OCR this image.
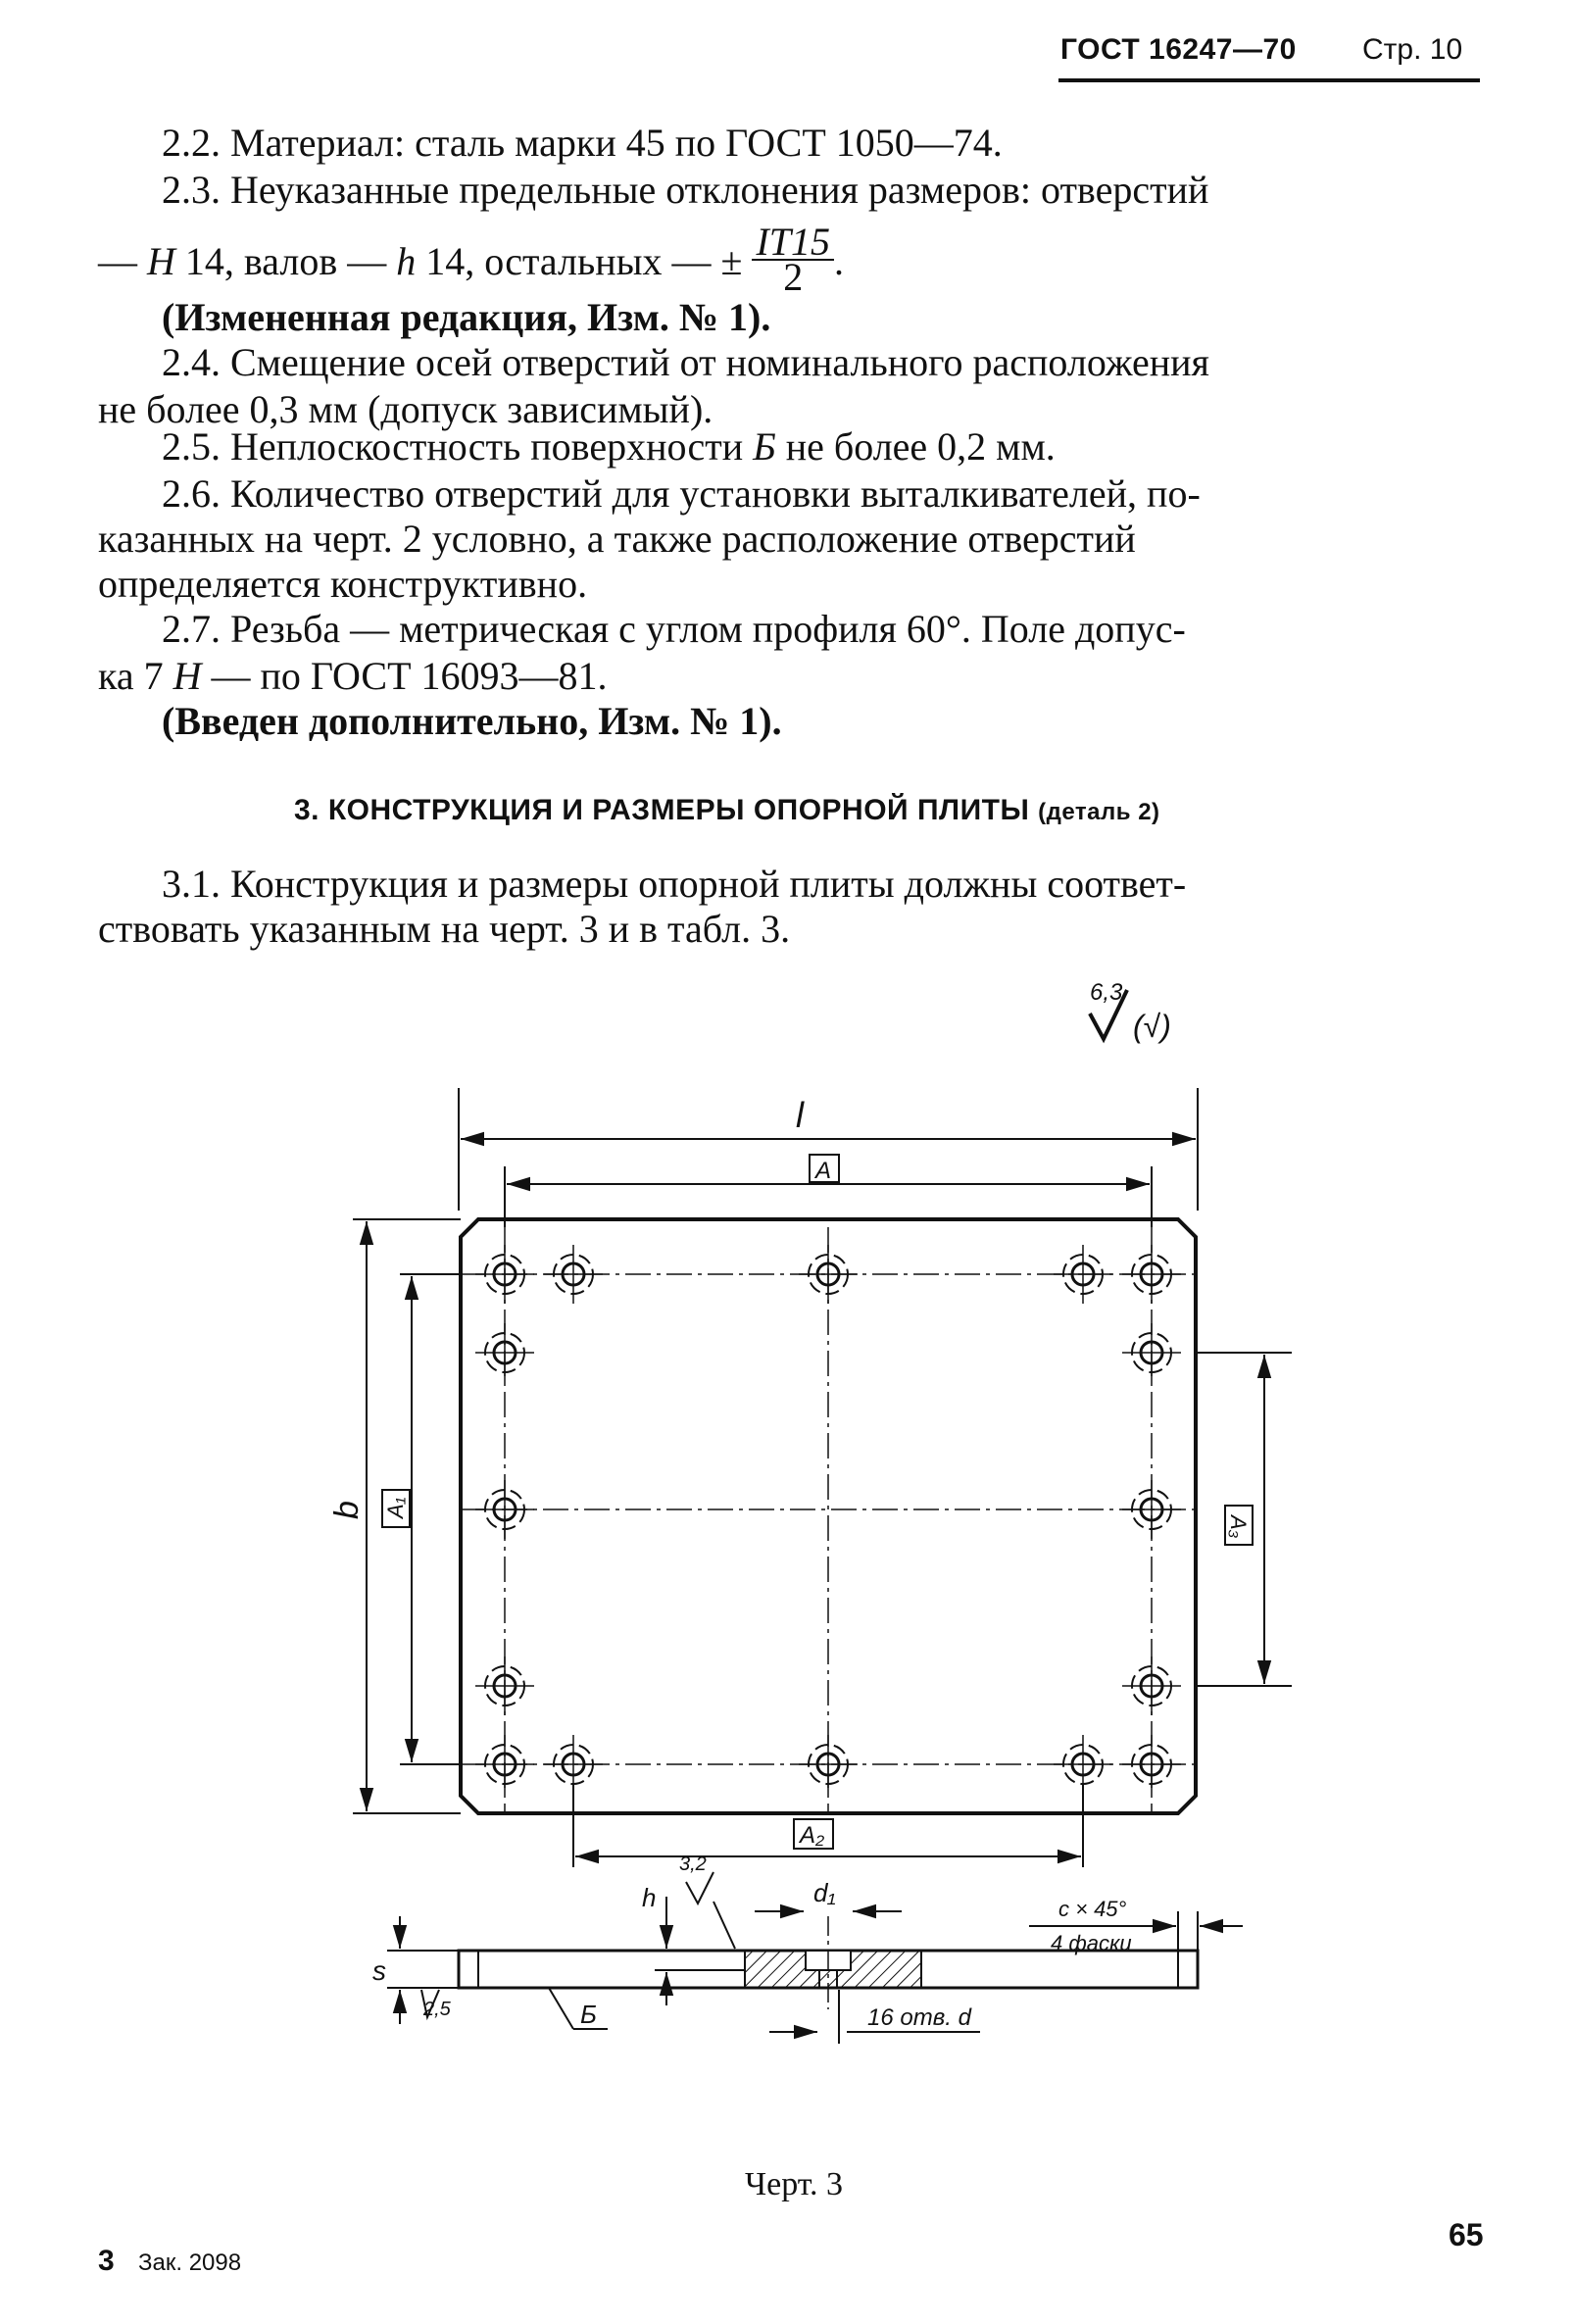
ГОСТ 16247—70 Стр. 10
2.2. Материал: сталь марки 45 по ГОСТ 1050—74.
2.3. Неуказанные предельные отклонения размеров: отверстий
— H 14, валов — h 14, остальных — ± $\frac{IT15}{2}$ .
(Измененная редакция, Изм. № 1).
2.4. Смещение осей отверстий от номинального расположения
не более 0,3 мм (допуск зависимый).
2.5. Неплоскостность поверхности Б не более 0,2 мм.
2.6. Количество отверстий для установки выталкивателей, по-
казанных на черт. 2 условно, а также расположение отверстий
определяется конструктивно.
2.7. Резьба — метрическая с углом профиля 60°. Поле допус-
ка 7 H — по ГОСТ 16093—81.
(Введен дополнительно, Изм. № 1).
3. КОНСТРУКЦИЯ И РАЗМЕРЫ ОПОРНОЙ ПЛИТЫ (деталь 2)
3.1. Конструкция и размеры опорной плиты должны соответ-
ствовать указанным на черт. 3 и в табл. 3.
6,3
(√)
l
A
b A₁
A₃
A₂
s
2,5
h
3,2
d₁
16 отв. d
Б
c × 45°
4 фаски
Черт. 3
3 Зак. 2098
65
